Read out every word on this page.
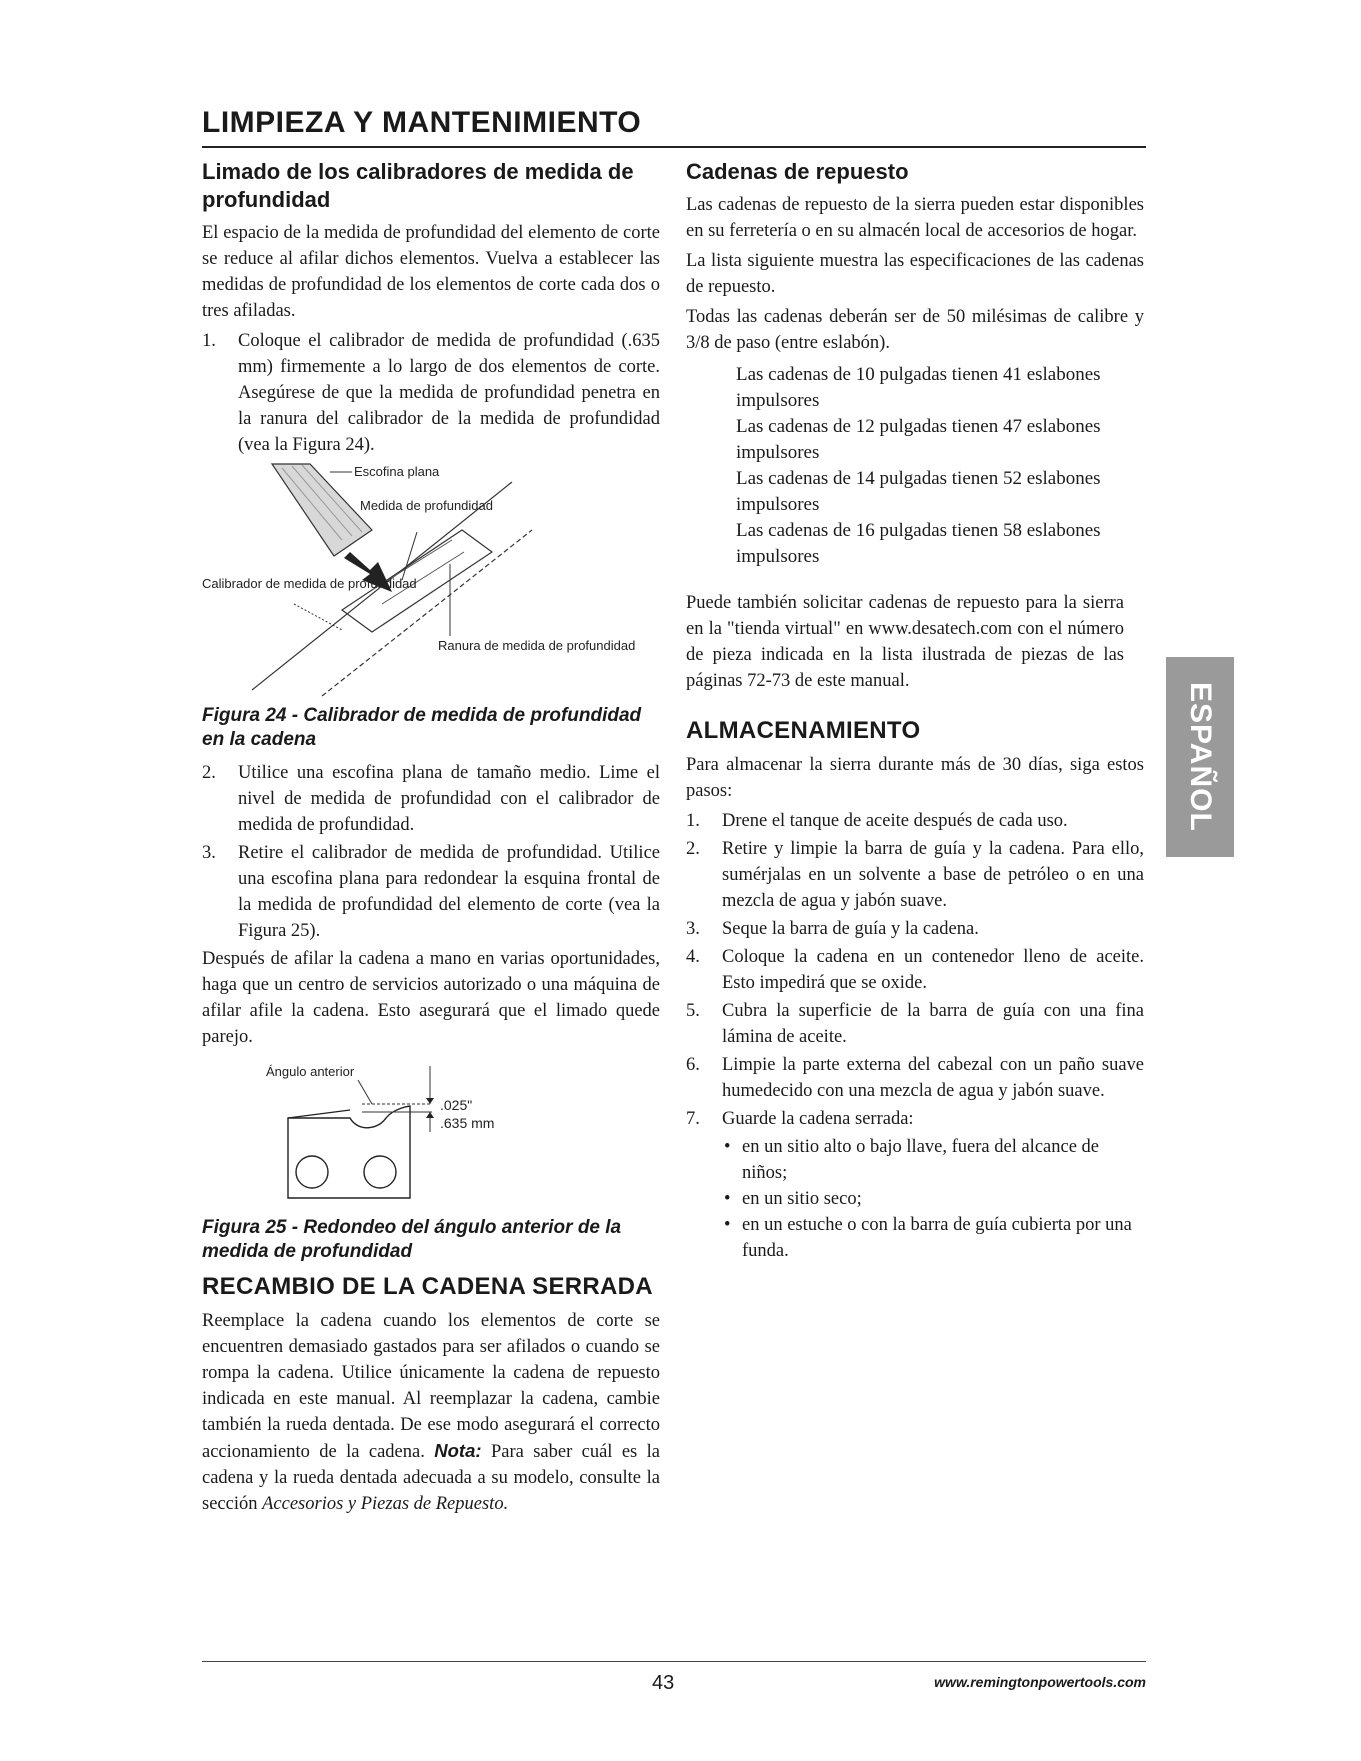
LIMPIEZA Y MANTENIMIENTO
Limado de los calibradores de medida de profundidad

El espacio de la medida de profundidad del elemento de corte se reduce al afilar dichos elementos. Vuelva a establecer las medidas de profundidad de los elementos de corte cada dos o tres afiladas.

1.	Coloque el calibrador de medida de profundidad (.635 mm) firmemente a lo largo de dos elementos de corte. Asegúrese de que la medida de profundidad penetra en la ranura del calibrador de la medida de profundidad (vea la Figura 24).
Escofina plana
Medida de profundidad
Calibrador de medida de profundidad
Ranura de medida de profundidad

Figura 24 - Calibrador de medida de profundidad en la cadena

2.	Utilice una escofina plana de tamaño medio. Lime el nivel de medida de profundidad con el calibrador de medida de profundidad.
3.	Retire el calibrador de medida de profundidad. Utilice una escofina plana para redondear la esquina frontal de la medida de profundidad del elemento de corte (vea la Figura 25).

Después de afilar la cadena a mano en varias oportunidades, haga que un centro de servicios autorizado o una máquina de afilar afile la cadena. Esto asegurará que el limado quede parejo.

Ángulo anterior
.025"
.635 mm

Figura 25 - Redondeo del ángulo anterior de la medida de profundidad

RECAMBIO DE LA CADENA SERRADA

Reemplace la cadena cuando los elementos de corte se encuentren demasiado gastados para ser afilados o cuando se rompa la cadena. Utilice únicamente la cadena de repuesto indicada en este manual. Al reemplazar la cadena, cambie también la rueda dentada. De ese modo asegurará el correcto accionamiento de la cadena. Nota: Para saber cuál es la cadena y la rueda dentada adecuada a su modelo, consulte la sección Accesorios y Piezas de Repuesto.

Cadenas de repuesto

Las cadenas de repuesto de la sierra pueden estar disponibles en su ferretería o en su almacén local de accesorios de hogar.

La lista siguiente muestra las especificaciones de las cadenas de repuesto.

Todas las cadenas deberán ser de 50 milésimas de calibre y 3/8 de paso (entre eslabón).

Las cadenas de 10 pulgadas tienen 41 eslabones impulsores

Las cadenas de 12 pulgadas tienen 47 eslabones impulsores

Las cadenas de 14 pulgadas tienen 52 eslabones impulsores

Las cadenas de 16 pulgadas tienen 58 eslabones impulsores

Puede también solicitar cadenas de repuesto para la sierra en la "tienda virtual" en www.desatech.com con el número de pieza indicada en la lista ilustrada de piezas de las páginas 72-73 de este manual.

ALMACENAMIENTO

Para almacenar la sierra durante más de 30 días, siga estos pasos:

1.	Drene el tanque de aceite después de cada uso.
2.	Retire y limpie la barra de guía y la cadena. Para ello, sumérjalas en un solvente a base de petróleo o en una mezcla de agua y jabón suave.
3.	Seque la barra de guía y la cadena.
4.	Coloque la cadena en un contenedor lleno de aceite. Esto impedirá que se oxide.
5.	Cubra la superficie de la barra de guía con una fina lámina de aceite.
6.	Limpie la parte externa del cabezal con un paño suave humedecido con una mezcla de agua y jabón suave.
7.	Guarde la cadena serrada:
• en un sitio alto o bajo llave, fuera del alcance de niños;
• en un sitio seco;
• en un estuche o con la barra de guía cubierta por una funda.
ESPAÑOL
43	www.remingtonpowertools.com
